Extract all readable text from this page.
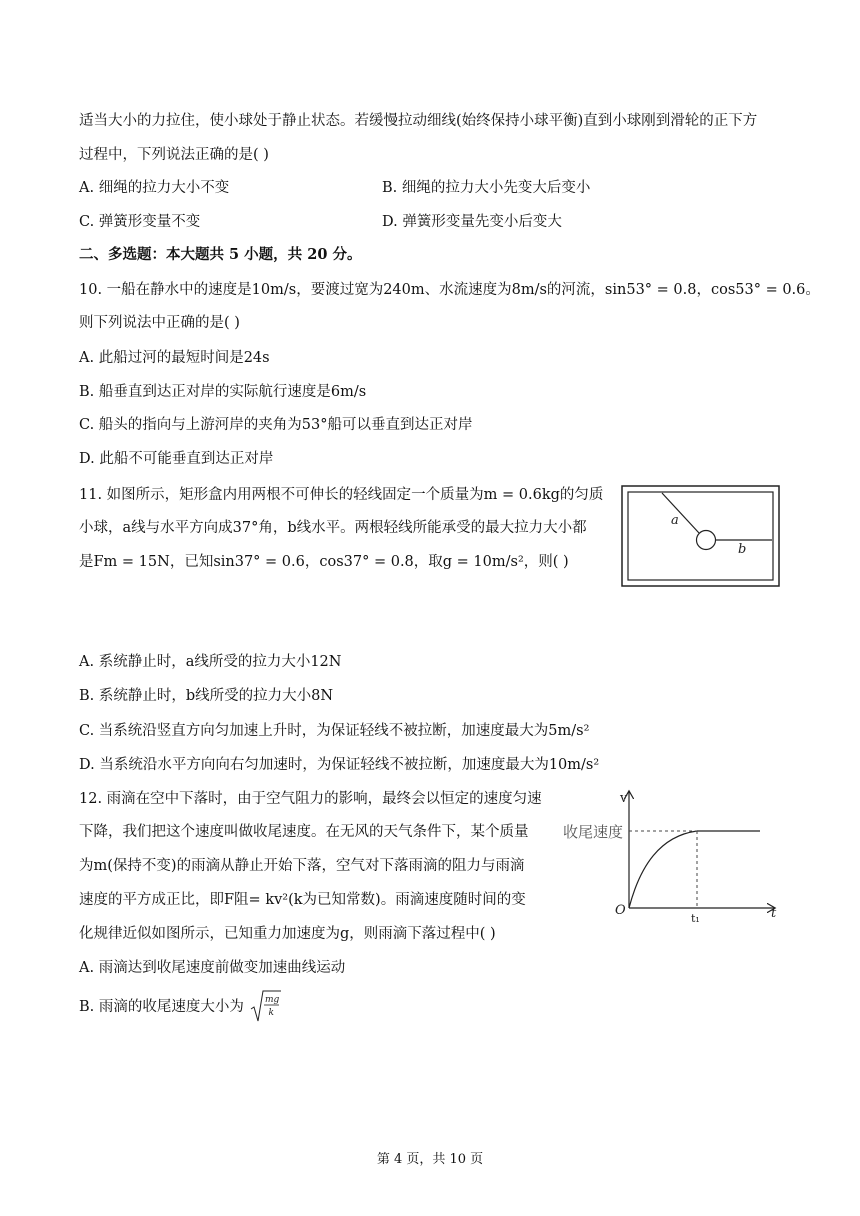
适当大小的力拉住，使小球处于静止状态。若缓慢拉动细线(始终保持小球平衡)直到小球刚到滑轮的正下方
过程中，下列说法正确的是( )
A. 细绳的拉力大小不变	B. 细绳的拉力大小先变大后变小
C. 弹簧形变量不变	D. 弹簧形变量先变小后变大
二、多选题：本大题共 5 小题，共 20 分。
10. 一船在静水中的速度是10m/s，要渡过宽为240m、水流速度为8m/s的河流，sin53° = 0.8，cos53° = 0.6。
则下列说法中正确的是( )
A. 此船过河的最短时间是24s
B. 船垂直到达正对岸的实际航行速度是6m/s
C. 船头的指向与上游河岸的夹角为53°船可以垂直到达正对岸
D. 此船不可能垂直到达正对岸
11. 如图所示，矩形盒内用两根不可伸长的轻线固定一个质量为m = 0.6kg的匀质
小球，a线与水平方向成37°角，b线水平。两根轻线所能承受的最大拉力大小都
是Fm = 15N，已知sin37° = 0.6，cos37° = 0.8，取g = 10m/s²，则( )
a
b
A. 系统静止时，a线所受的拉力大小12N
B. 系统静止时，b线所受的拉力大小8N
C. 当系统沿竖直方向匀加速上升时，为保证轻线不被拉断，加速度最大为5m/s²
D. 当系统沿水平方向向右匀加速时，为保证轻线不被拉断，加速度最大为10m/s²
12. 雨滴在空中下落时，由于空气阻力的影响，最终会以恒定的速度匀速
下降，我们把这个速度叫做收尾速度。在无风的天气条件下，某个质量
为m(保持不变)的雨滴从静止开始下落，空气对下落雨滴的阻力与雨滴
速度的平方成正比，即F阻= kv²(k为已知常数)。雨滴速度随时间的变
化规律近似如图所示，已知重力加速度为g，则雨滴下落过程中( )
v
t
O
t₁
收尾速度
A. 雨滴达到收尾速度前做变加速曲线运动
B. 雨滴的收尾速度大小为 mg
k
第 4 页，共 10 页
